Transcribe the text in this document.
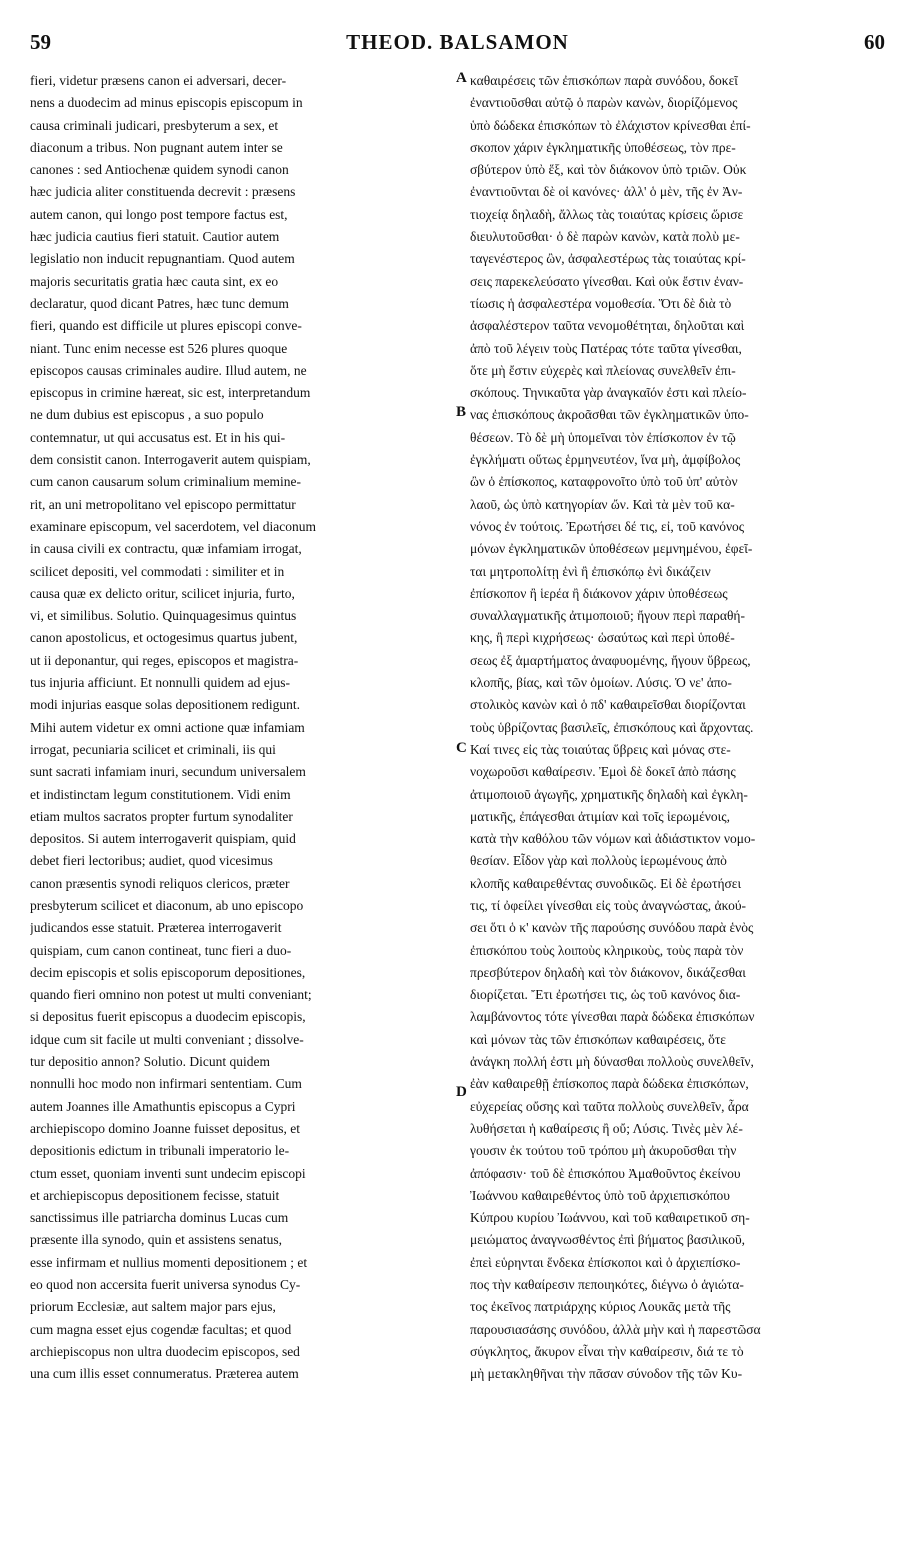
59	THEOD. BALSAMON	60
fieri, videtur præsens canon ei adversari, decer-
nens a duodecim ad minus episcopis episcopum in
causa criminali judicari, presbyterum a sex, et
diaconum a tribus. Non pugnant autem inter se
canones : sed Antiochenæ quidem synodi canon
hæc judicia aliter constituenda decrevit : præsens
autem canon, qui longo post tempore factus est,
hæc judicia cautius fieri statuit. Cautior autem
legislatio non inducit repugnantiam. Quod autem
majoris securitatis gratia hæc cauta sint, ex eo
declaratur, quod dicant Patres, hæc tunc demum
fieri, quando est difficile ut plures episcopi conve-
niant. Tunc enim necesse est 526 plures quoque
episcopos causas criminales audire. Illud autem, ne
episcopus in crimine hæreat, sic est, interpretandum
ne dum dubius est episcopus , a suo populo
contemnatur, ut qui accusatus est. Et in his qui-
dem consistit canon. Interrogaverit autem quispiam,
cum canon causarum solum criminalium memine-
rit, an uni metropolitano vel episcopo permittatur
examinare episcopum, vel sacerdotem, vel diaconum
in causa civili ex contractu, quæ infamiam irrogat,
scilicet depositi, vel commodati : similiter et in
causa quæ ex delicto oritur, scilicet injuria, furto,
vi, et similibus. Solutio. Quinquagesimus quintus
canon apostolicus, et octogesimus quartus jubent,
ut ii deponantur, qui reges, episcopos et magistra-
tus injuria afficiunt. Et nonnulli quidem ad ejus-
modi injurias easque solas depositionem redigunt.
Mihi autem videtur ex omni actione quæ infamiam
irrogat, pecuniaria scilicet et criminali, iis qui
sunt sacrati infamiam inuri, secundum universalem
et indistinctam legum constitutionem. Vidi enim
etiam multos sacratos propter furtum synodaliter
depositos. Si autem interrogaverit quispiam, quid
debet fieri lectoribus; audiet, quod vicesimus
canon præsentis synodi reliquos clericos, præter
presbyterum scilicet et diaconum, ab uno episcopo
judicandos esse statuit. Præterea interrogaverit
quispiam, cum canon contineat, tunc fieri a duo-
decim episcopis et solis episcoporum depositiones,
quando fieri omnino non potest ut multi conveniant;
si depositus fuerit episcopus a duodecim episcopis,
idque cum sit facile ut multi conveniant ; dissolve-
tur depositio annon? Solutio. Dicunt quidem
nonnulli hoc modo non infirmari sententiam. Cum
autem Joannes ille Amathuntis episcopus a Cypri
archiepiscopo domino Joanne fuisset depositus, et
depositionis edictum in tribunali imperatorio le-
ctum esset, quoniam inventi sunt undecim episcopi
et archiepiscopus depositionem fecisse, statuit
sanctissimus ille patriarcha dominus Lucas cum
præsente illa synodo, quin et assistens senatus,
esse infirmam et nullius momenti depositionem ; et
eo quod non accersita fuerit universa synodus Cy-
priorum Ecclesiæ, aut saltem major pars ejus,
cum magna esset ejus cogendæ facultas; et quod
archiepiscopus non ultra duodecim episcopos, sed
una cum illis esset connumeratus. Præterea autem
καθαιρέσεις τῶν ἐπισκόπων παρὰ συνόδου, δοκεῖ
ἐναντιοῦσθαι αὐτῷ ὁ παρὼν κανὼν, διορίζόμενος
ὑπὸ δώδεκα ἐπισκόπων τὸ ἐλάχιστον κρίνεσθαι ἐπί-
σκοπον χάριν ἐγκληματικῆς ὑποθέσεως, τὸν πρε-
σβύτερον ὑπὸ ἕξ, καὶ τὸν διάκονον ὑπὸ τριῶν. Οὐκ
ἐναντιοῦνται δὲ οἱ κανόνες· ἀλλ' ὁ μὲν, τῆς ἐν Ἀν-
τιοχείᾳ δηλαδὴ, ἄλλως τὰς τοιαύτας κρίσεις ὥρισε
διευλυτοῦσθαι· ὁ δὲ παρὼν κανὼν, κατὰ πολὺ με-
ταγενέστερος ὢν, ἀσφαλεστέρως τὰς τοιαύτας κρί-
σεις παρεκελεύσατο γίνεσθαι. Καὶ οὐκ ἔστιν ἐναν-
τίωσις ἡ ἀσφαλεστέρα νομοθεσία. Ὅτι δὲ διὰ τὸ
ἀσφαλέστερον ταῦτα νενομοθέτηται, δηλοῦται καὶ
ἀπὸ τοῦ λέγειν τοὺς Πατέρας τότε ταῦτα γίνεσθαι,
ὅτε μὴ ἔστιν εὐχερὲς καὶ πλείονας συνελθεῖν ἐπι-
σκόπους. Τηνικαῦτα γὰρ ἀναγκαῖόν ἐστι καὶ πλείο-
νας ἐπισκόπους ἀκροᾶσθαι τῶν ἐγκληματικῶν ὑπο-
θέσεων. Τὸ δὲ μὴ ὑπομεῖναι τὸν ἐπίσκοπον ἐν τῷ
ἐγκλήματι οὕτως ἑρμηνευτέον, ἵνα μὴ, ἀμφίβολος
ὢν ὁ ἐπίσκοπος, καταφρονοῖτο ὑπὸ τοῦ ὑπ' αὐτὸν
λαοῦ, ὡς ὑπὸ κατηγορίαν ὤν. Καὶ τὰ μὲν τοῦ κα-
νόνος ἐν τούτοις. Ἐρωτήσει δέ τις, εἰ, τοῦ κανόνος
μόνων ἐγκληματικῶν ὑποθέσεων μεμνημένου, ἐφεῖ-
ται μητροπολίτῃ ἑνὶ ἢ ἐπισκόπῳ ἑνὶ δικάζειν
ἐπίσκοπον ἢ ἱερέα ἢ διάκονον χάριν ὑποθέσεως
συναλλαγματικῆς ἀτιμοποιοῦ; ἤγουν περὶ παραθή-
κης, ἢ περὶ κιχρήσεως· ὡσαύτως καὶ περὶ ὑποθέ-
σεως ἐξ ἁμαρτήματος ἀναφυομένης, ἤγουν ὕβρεως,
κλοπῆς, βίας, καὶ τῶν ὁμοίων. Λύσις. Ὁ νε' ἀπο-
στολικὸς κανὼν καὶ ὁ πδ' καθαιρεῖσθαι διορίζονται
τοὺς ὑβρίζοντας βασιλεῖς, ἐπισκόπους καὶ ἄρχοντας.
Καί τινες εἰς τὰς τοιαύτας ὕβρεις καὶ μόνας στε-
νοχωροῦσι καθαίρεσιν. Ἐμοὶ δὲ δοκεῖ ἀπὸ πάσης
ἀτιμοποιοῦ ἀγωγῆς, χρηματικῆς δηλαδὴ καὶ ἐγκλη-
ματικῆς, ἐπάγεσθαι ἀτιμίαν καὶ τοῖς ἱερωμένοις,
κατὰ τὴν καθόλου τῶν νόμων καὶ ἀδιάστικτον νομο-
θεσίαν. Εἶδον γὰρ καὶ πολλοὺς ἱερωμένους ἀπὸ
κλοπῆς καθαιρεθέντας συνοδικῶς. Εἰ δὲ ἐρωτήσει
τις, τί ὀφείλει γίνεσθαι εἰς τοὺς ἀναγνώστας, ἀκού-
σει ὅτι ὁ κ' κανὼν τῆς παρούσης συνόδου παρὰ ἑνὸς
ἐπισκόπου τοὺς λοιποὺς κληρικοὺς, τοὺς παρὰ τὸν
πρεσβύτερον δηλαδὴ καὶ τὸν διάκονον, δικάζεσθαι
διορίζεται. Ἔτι ἐρωτήσει τις, ὡς τοῦ κανόνος δια-
λαμβάνοντος τότε γίνεσθαι παρὰ δώδεκα ἐπισκόπων
καὶ μόνων τὰς τῶν ἐπισκόπων καθαιρέσεις, ὅτε
ἀνάγκη πολλή ἐστι μὴ δύνασθαι πολλοὺς συνελθεῖν,
ἐὰν καθαιρεθῇ ἐπίσκοπος παρὰ δώδεκα ἐπισκόπων,
εὐχερείας οὔσης καὶ ταῦτα πολλοὺς συνελθεῖν, ἆρα
λυθήσεται ἡ καθαίρεσις ἢ οὔ; Λύσις. Τινὲς μὲν λέ-
γουσιν ἐκ τούτου τοῦ τρόπου μὴ ἀκυροῦσθαι τὴν
ἀπόφασιν· τοῦ δὲ ἐπισκόπου Ἀμαθοῦντος ἐκείνου
Ἰωάννου καθαιρεθέντος ὑπὸ τοῦ ἀρχιεπισκόπου
Κύπρου κυρίου Ἰωάννου, καὶ τοῦ καθαιρετικοῦ ση-
μειώματος ἀναγνωσθέντος ἐπὶ βήματος βασιλικοῦ,
ἐπεὶ εὑρηνται ἕνδεκα ἐπίσκοποι καὶ ὁ ἀρχιεπίσκο-
πος τὴν καθαίρεσιν πεποιηκότες, διέγνω ὁ ἁγιώτα-
τος ἐκεῖνος πατριάρχης κύριος Λουκᾶς μετὰ τῆς
παρουσιασάσης συνόδου, ἀλλὰ μὴν καὶ ἡ παρεστῶσα
σύγκλητος, ἄκυρον εἶναι τὴν καθαίρεσιν, διά τε τὸ
μὴ μετακληθῆναι τὴν πᾶσαν σύνοδον τῆς τῶν Κυ-
A
B
C
D
